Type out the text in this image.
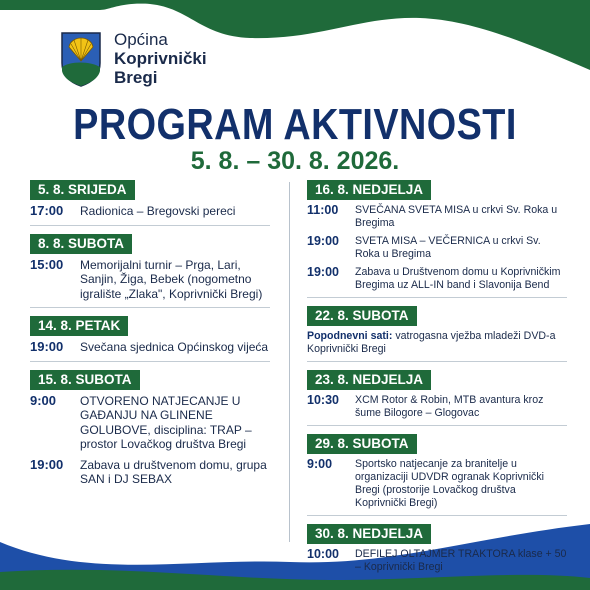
Općina
Koprivnički
Bregi
PROGRAM AKTIVNOSTI
5. 8. – 30. 8. 2026.
5. 8. SRIJEDA
17:00	Radionica – Bregovski pereci
8. 8. SUBOTA
15:00	Memorijalni turnir – Prga, Lari, Sanjin, Žiga, Bebek (nogometno igralište „Zlaka", Koprivnički Bregi)
14. 8. PETAK
19:00	Svečana sjednica Općinskog vijeća
15. 8. SUBOTA
9:00	OTVORENO NATJECANJE U GAĐANJU NA GLINENE GOLUBOVE, disciplina: TRAP – prostor Lovačkog društva Bregi
19:00	Zabava u društvenom domu, grupa SAN i DJ SEBAX
16. 8. NEDJELJA
11:00	SVEČANA SVETA MISA u crkvi Sv. Roka u Bregima
19:00	SVETA MISA – VEČERNICA u crkvi Sv. Roka u Bregima
19:00	Zabava u Društvenom domu u Koprivničkim Bregima uz ALL-IN band i Slavonija Bend
22. 8. SUBOTA
Popodnevni sati: vatrogasna vježba mladeži DVD-a Koprivnički Bregi
23. 8. NEDJELJA
10:30	XCM Rotor & Robin, MTB avantura kroz šume Bilogore – Glogovac
29. 8. SUBOTA
9:00	Sportsko natjecanje za branitelje u organizaciji UDVDR ogranak Koprivnički Bregi (prostorije Lovačkog društva Koprivnički Bregi)
30. 8. NEDJELJA
10:00	DEFILEJ OLTAJMER TRAKTORA klase + 50 – Koprivnički Bregi
